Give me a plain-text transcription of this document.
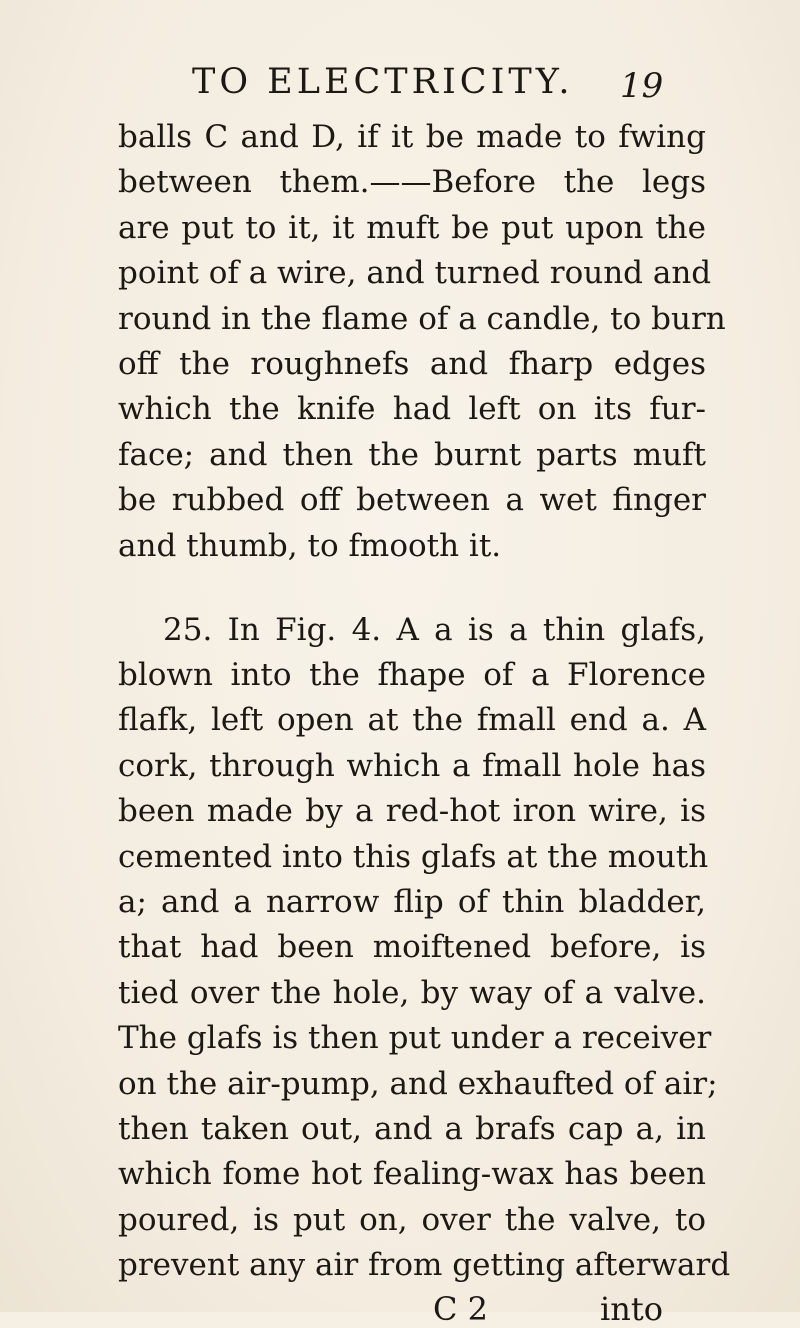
TO ELECTRICITY. 19
balls C and D, if it be made to fwing
between them.——Before the legs
are put to it, it muft be put upon the
point of a wire, and turned round and
round in the flame of a candle, to burn
off the roughnefs and fharp edges
which the knife had left on its fur-
face; and then the burnt parts muft
be rubbed off between a wet finger
and thumb, to fmooth it.
25. In Fig. 4. A a is a thin glafs,
blown into the fhape of a Florence
flafk, left open at the fmall end a. A
cork, through which a fmall hole has
been made by a red-hot iron wire, is
cemented into this glafs at the mouth
a; and a narrow flip of thin bladder,
that had been moiftened before, is
tied over the hole, by way of a valve.
The glafs is then put under a receiver
on the air-pump, and exhaufted of air;
then taken out, and a brafs cap a, in
which fome hot fealing-wax has been
poured, is put on, over the valve, to
prevent any air from getting afterward
C 2	into
